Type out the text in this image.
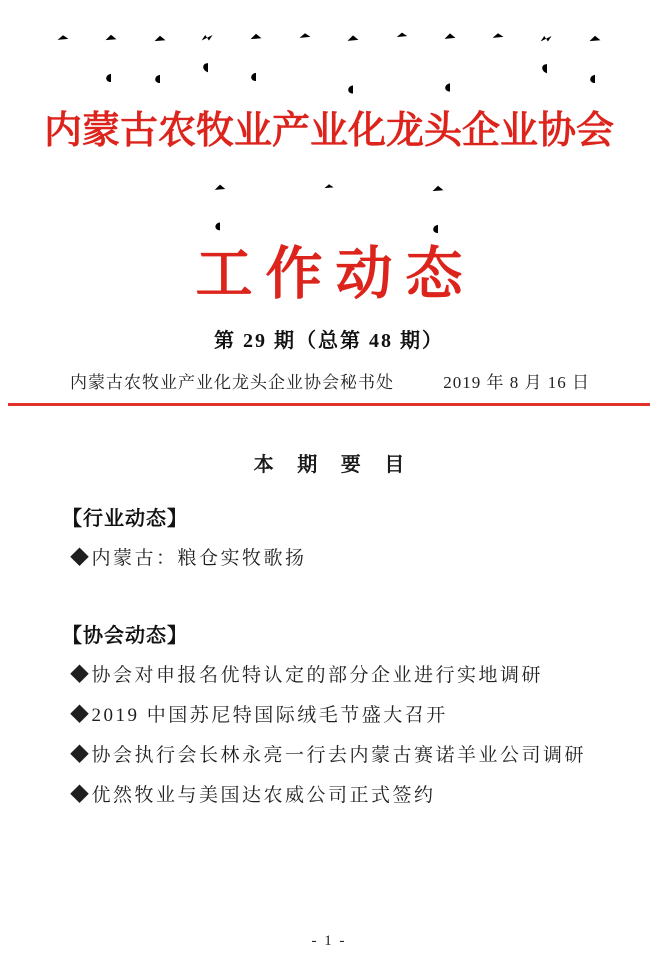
内蒙古农牧业产业化龙头企业协会
工作动态
第 29 期（总第 48 期）
内蒙古农牧业产业化龙头企业协会秘书处	2019 年 8 月 16 日
本 期 要 目
【行业动态】
◆内蒙古：粮仓实牧歌扬
【协会动态】
◆协会对申报名优特认定的部分企业进行实地调研
◆2019 中国苏尼特国际绒毛节盛大召开
◆协会执行会长林永亮一行去内蒙古赛诺羊业公司调研
◆优然牧业与美国达农威公司正式签约
- 1 -
